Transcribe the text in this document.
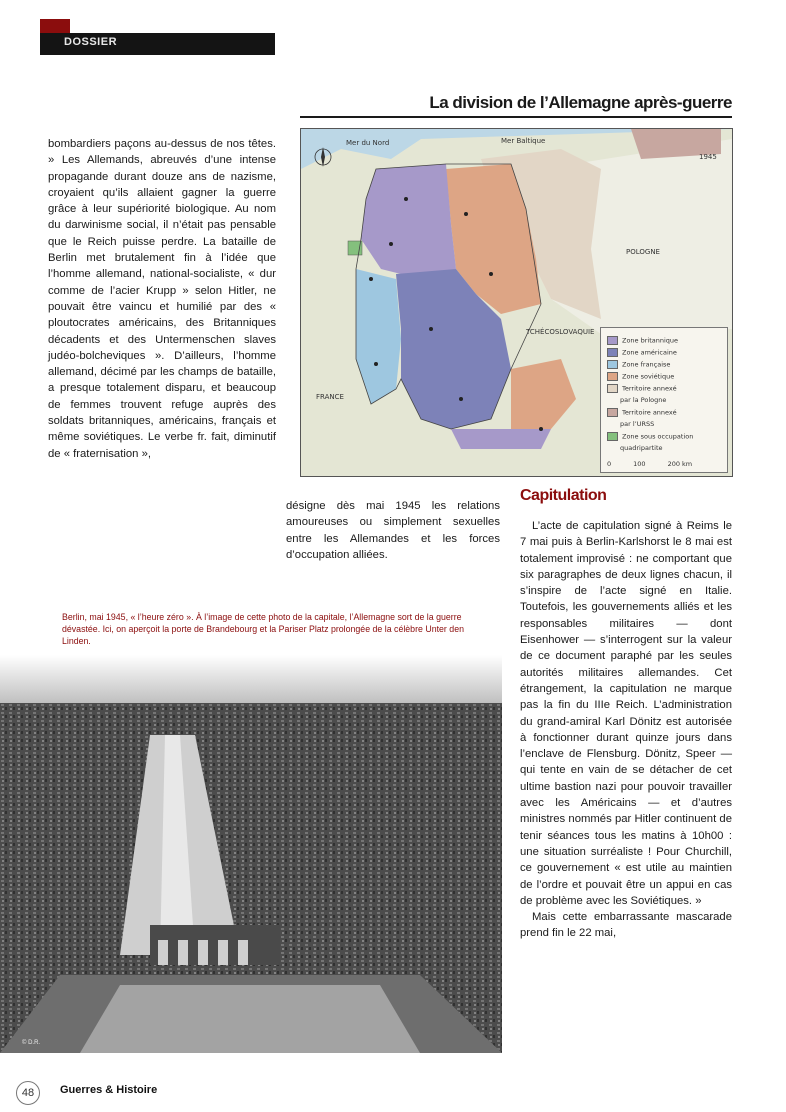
DOSSIER
La division de l’Allemagne après-guerre
Mer du Nord	Mer Baltique
POLOGNE
FRANCE
TCHÉCOSLOVAQUIE
1945
Zone britannique
Zone américaine
Zone française
Zone soviétique
Territoire annexé
par la Pologne
Territoire annexé
par l’URSS
Zone sous occupation
quadripartite
0	100	200 km
bombardiers paçons au-dessus de nos têtes. » Les Allemands, abreuvés d’une intense propagande durant douze ans de nazisme, croyaient qu’ils allaient gagner la guerre grâce à leur supériorité biologique. Au nom du darwinisme social, il n’était pas pensable que le Reich puisse perdre. La bataille de Berlin met brutalement fin à l’idée que l’homme allemand, national-socialiste, « dur comme de l’acier Krupp » selon Hitler, ne pouvait être vaincu et humilié par des « ploutocrates américains, des Britanniques décadents et des Untermenschen slaves judéo-bolcheviques ». D’ailleurs, l’homme allemand, décimé par les champs de bataille, a presque totalement disparu, et beaucoup de femmes trouvent refuge auprès des soldats britanniques, américains, français et même soviétiques. Le verbe fr. fait, diminutif de « fraternisation »,
désigne dès mai 1945 les relations amoureuses ou simplement sexuelles entre les Allemandes et les forces d’occupation alliées.
Capitulation
L’acte de capitulation signé à Reims le 7 mai puis à Berlin-Karlshorst le 8 mai est totalement improvisé : ne comportant que six paragraphes de deux lignes chacun, il s’inspire de l’acte signé en Italie. Toutefois, les gouvernements alliés et les responsables militaires — dont Eisenhower — s’interrogent sur la valeur de ce document paraphé par les seules autorités militaires allemandes. Cet étrangement, la capitulation ne marque pas la fin du IIIe Reich. L’administration du grand-amiral Karl Dönitz est autorisée à fonctionner durant quinze jours dans l’enclave de Flensburg. Dönitz, Speer — qui tente en vain de se détacher de cet ultime bastion nazi pour pouvoir travailler avec les Américains — et d’autres ministres nommés par Hitler continuent de tenir séances tous les matins à 10h00 : une situation surréaliste ! Pour Churchill, ce gouvernement « est utile au maintien de l’ordre et pouvait être un appui en cas de problème avec les Soviétiques. »
Mais cette embarrassante mascarade prend fin le 22 mai,
Berlin, mai 1945, « l’heure zéro ». À l’image de cette photo de la capitale, l’Allemagne sort de la guerre dévastée. Ici, on aperçoit la porte de Brandebourg et la Pariser Platz prolongée de la célèbre Unter den Linden.
© D.R.
48	Guerres & Histoire
